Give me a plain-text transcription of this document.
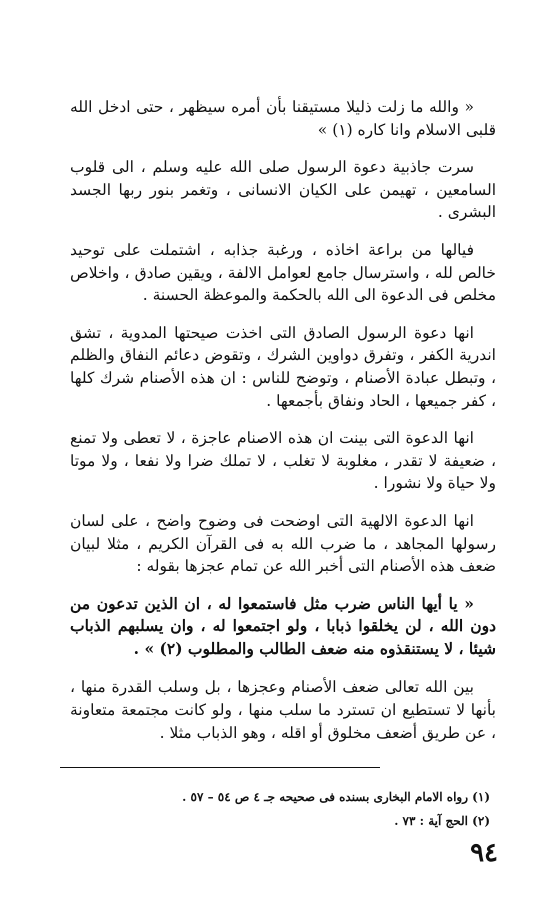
« والله ما زلت ذليلا مستيقنا بأن أمره سيظهر ، حتى ادخل الله قلبى الاسلام وانا كاره (١) »

سرت جاذبية دعوة الرسول صلى الله عليه وسلم ، الى قلوب السامعين ، تهيمن على الكيان الانسانى ، وتغمر بنور ربها الجسد البشرى .

فيالها من براعة اخاذه ، ورغبة جذابه ، اشتملت على توحيد خالص لله ، واسترسال جامع لعوامل الالفة ، ويقين صادق ، واخلاص مخلص فى الدعوة الى الله بالحكمة والموعظة الحسنة .

انها دعوة الرسول الصادق التى اخذت صيحتها المدوية ، تشق اندرية الكفر ، وتفرق دواوين الشرك ، وتقوض دعائم النفاق والظلم ، وتبطل عبادة الأصنام ، وتوضح للناس : ان هذه الأصنام شرك كلها ، كفر جميعها ، الحاد ونفاق بأجمعها .

انها الدعوة التى بينت ان هذه الاصنام عاجزة ، لا تعطى ولا تمنع ، ضعيفة لا تقدر ، مغلوبة لا تغلب ، لا تملك ضرا ولا نفعا ، ولا موتا ولا حياة ولا نشورا .

انها الدعوة الالهية التى اوضحت فى وضوح واضح ، على لسان رسولها المجاهد ، ما ضرب الله به فى القرآن الكريم ، مثلا لبيان ضعف هذه الأصنام التى أخبر الله عن تمام عجزها بقوله :

« يا أيها الناس ضرب مثل فاستمعوا له ، ان الذين تدعون من دون الله ، لن يخلقوا ذبابا ، ولو اجتمعوا له ، وان يسلبهم الذباب شيئا ، لا يستنقذوه منه ضعف الطالب والمطلوب (٢) » .

بين الله تعالى ضعف الأصنام وعجزها ، بل وسلب القدرة منها ، بأنها لا تستطيع ان تسترد ما سلب منها ، ولو كانت مجتمعة متعاونة ، عن طريق أضعف مخلوق أو اقله ، وهو الذباب مثلا .

(١) رواه الامام البخارى بسنده فى صحيحه جـ ٤ ص ٥٤ – ٥٧ .

(٢) الحج آية : ٧٣ .

٩٤
